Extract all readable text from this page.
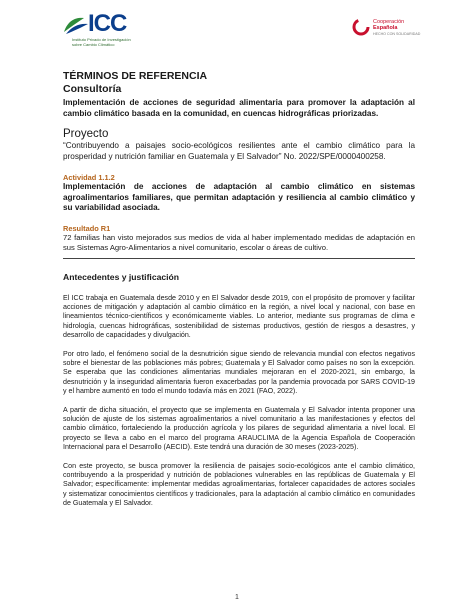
ICC
Instituto Privado de Investigación
sobre Cambio Climático
Cooperación
Española
HECHO CON SOLIDARIDAD

TÉRMINOS DE REFERENCIA

Consultoría

Implementación de acciones de seguridad alimentaria para promover la adaptación al cambio climático basada en la comunidad, en cuencas hidrográficas priorizadas.

Proyecto

“Contribuyendo a paisajes socio-ecológicos resilientes ante el cambio climático para la prosperidad y nutrición familiar en Guatemala y El Salvador” No. 2022/SPE/0000400258.

Actividad 1.1.2

Implementación de acciones de adaptación al cambio climático en sistemas agroalimentarios familiares, que permitan adaptación y resiliencia al cambio climático y su variabilidad asociada.

Resultado R1

72 familias han visto mejorados sus medios de vida al haber implementado medidas de adaptación en sus Sistemas Agro-Alimentarios a nivel comunitario, escolar o áreas de cultivo.

Antecedentes y justificación

El ICC trabaja en Guatemala desde 2010 y en El Salvador desde 2019, con el propósito de promover y facilitar acciones de mitigación y adaptación al cambio climático en la región, a nivel local y nacional, con base en lineamientos técnico-científicos y económicamente viables. Lo anterior, mediante sus programas de clima e hidrología, cuencas hidrográficas, sostenibilidad de sistemas productivos, gestión de riesgos a desastres, y desarrollo de capacidades y divulgación.

Por otro lado, el fenómeno social de la desnutrición sigue siendo de relevancia mundial con efectos negativos sobre el bienestar de las poblaciones más pobres; Guatemala y El Salvador como países no son la excepción. Se esperaba que las condiciones alimentarias mundiales mejoraran en el 2020-2021, sin embargo, la desnutrición y la inseguridad alimentaria fueron exacerbadas por la pandemia provocada por SARS COVID-19 y el hambre aumentó en todo el mundo todavía más en 2021 (FAO, 2022).

A partir de dicha situación, el proyecto que se implementa en Guatemala y El Salvador intenta proponer una solución de ajuste de los sistemas agroalimentarios a nivel comunitario a las manifestaciones y efectos del cambio climático, fortaleciendo la producción agrícola y los pilares de seguridad alimentaria a nivel local. El proyecto se lleva a cabo en el marco del programa ARAUCLIMA de la Agencia Española de Cooperación Internacional para el Desarrollo (AECID). Este tendrá una duración de 30 meses (2023-2025).

Con este proyecto, se busca promover la resiliencia de paisajes socio-ecológicos ante el cambio climático, contribuyendo a la prosperidad y nutrición de poblaciones vulnerables en las repúblicas de Guatemala y El Salvador; específicamente: implementar medidas agroalimentarias, fortalecer capacidades de actores sociales y sistematizar conocimientos científicos y tradicionales, para la adaptación al cambio climático en comunidades de Guatemala y El Salvador.

1
